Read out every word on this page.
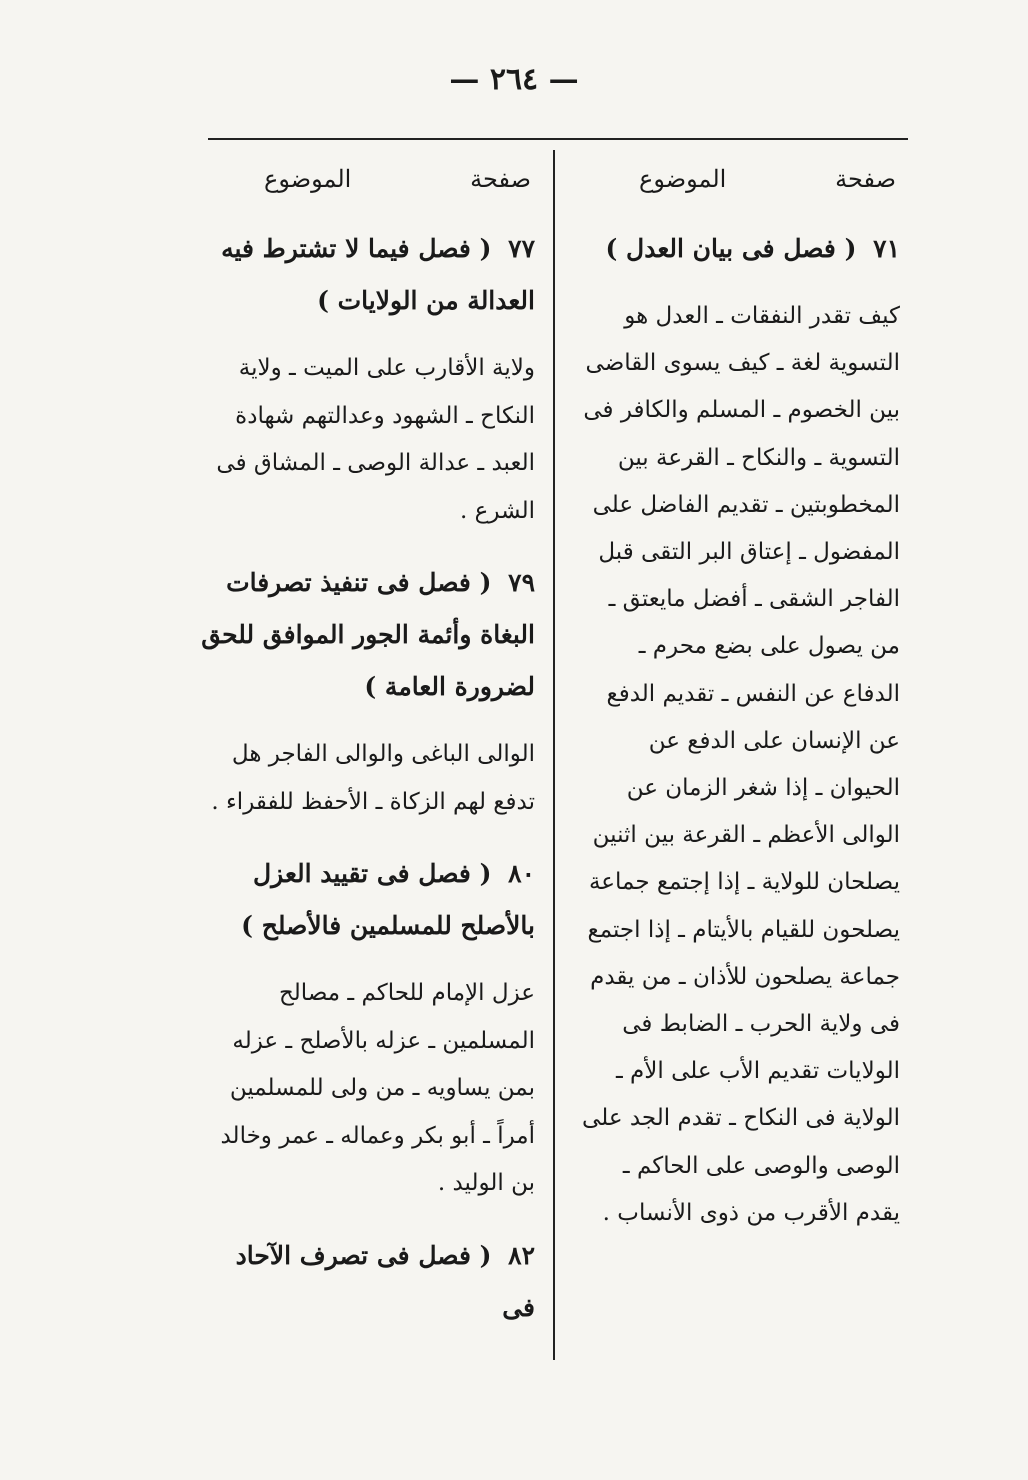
— ٢٦٤ —
صفحة
الموضوع
٧١ ( فصل فى بيان العدل )
كيف تقدر النفقات ـ العدل هو التسوية لغة ـ كيف يسوى القاضى بين الخصوم ـ المسلم والكافر فى التسوية ـ والنكاح ـ القرعة بين المخطوبتين ـ تقديم الفاضل على المفضول ـ إعتاق البر التقى قبل الفاجر الشقى ـ أفضل مايعتق ـ من يصول على بضع محرم ـ الدفاع عن النفس ـ تقديم الدفع عن الإنسان على الدفع عن الحيوان ـ إذا شغر الزمان عن الوالى الأعظم ـ القرعة بين اثنين يصلحان للولاية ـ إذا إجتمع جماعة يصلحون للقيام بالأيتام ـ إذا اجتمع جماعة يصلحون للأذان ـ من يقدم فى ولاية الحرب ـ الضابط فى الولايات تقديم الأب على الأم ـ الولاية فى النكاح ـ تقدم الجد على الوصى والوصى على الحاكم ـ يقدم الأقرب من ذوى الأنساب .
صفحة
الموضوع
٧٧ ( فصل فيما لا تشترط فيه العدالة من الولايات )
ولاية الأقارب على الميت ـ ولاية النكاح ـ الشهود وعدالتهم شهادة العبد ـ عدالة الوصى ـ المشاق فى الشرع .
٧٩ ( فصل فى تنفيذ تصرفات البغاة وأئمة الجور الموافق للحق لضرورة العامة )
الوالى الباغى والوالى الفاجر هل تدفع لهم الزكاة ـ الأحفظ للفقراء .
٨٠ ( فصل فى تقييد العزل بالأصلح للمسلمين فالأصلح )
عزل الإمام للحاكم ـ مصالح المسلمين ـ عزله بالأصلح ـ عزله بمن يساويه ـ من ولى للمسلمين أمراً ـ أبو بكر وعماله ـ عمر وخالد بن الوليد .
٨٢ ( فصل فى تصرف الآحاد فى
